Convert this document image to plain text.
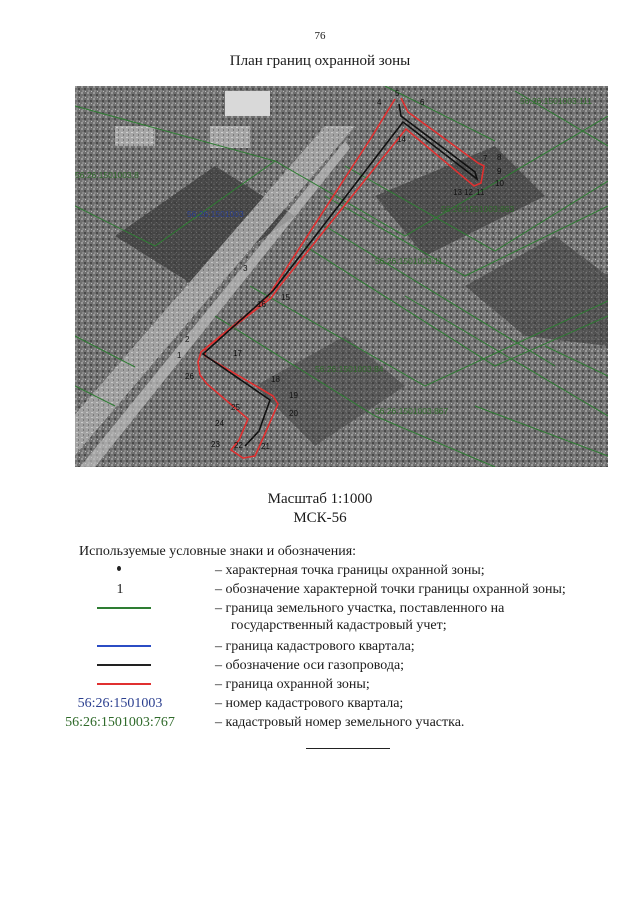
76
План границ охранной зоны
4
5
6
14
7 8
9
10
13 12 11
3
15
16
2
1	17
26	18
19
25
20
24
23 22 21
56:26:1501003	56:26:1501003:863
56:26:1501003:867
56:26:1501003:111
56:26:1501003:11
56:26:1501003:84
56:26:1501003:8
Масштаб 1:1000
МСК-56
Используемые условные знаки и обозначения:
– характерная точка границы охранной зоны;
1	– обозначение характерной точки границы охранной зоны;
– граница земельного участка, поставленного на
государственный кадастровый учет;
– граница кадастрового квартала;
– обозначение оси газопровода;
– граница охранной зоны;
56:26:1501003	– номер кадастрового квартала;
56:26:1501003:767	– кадастровый номер земельного участка.
